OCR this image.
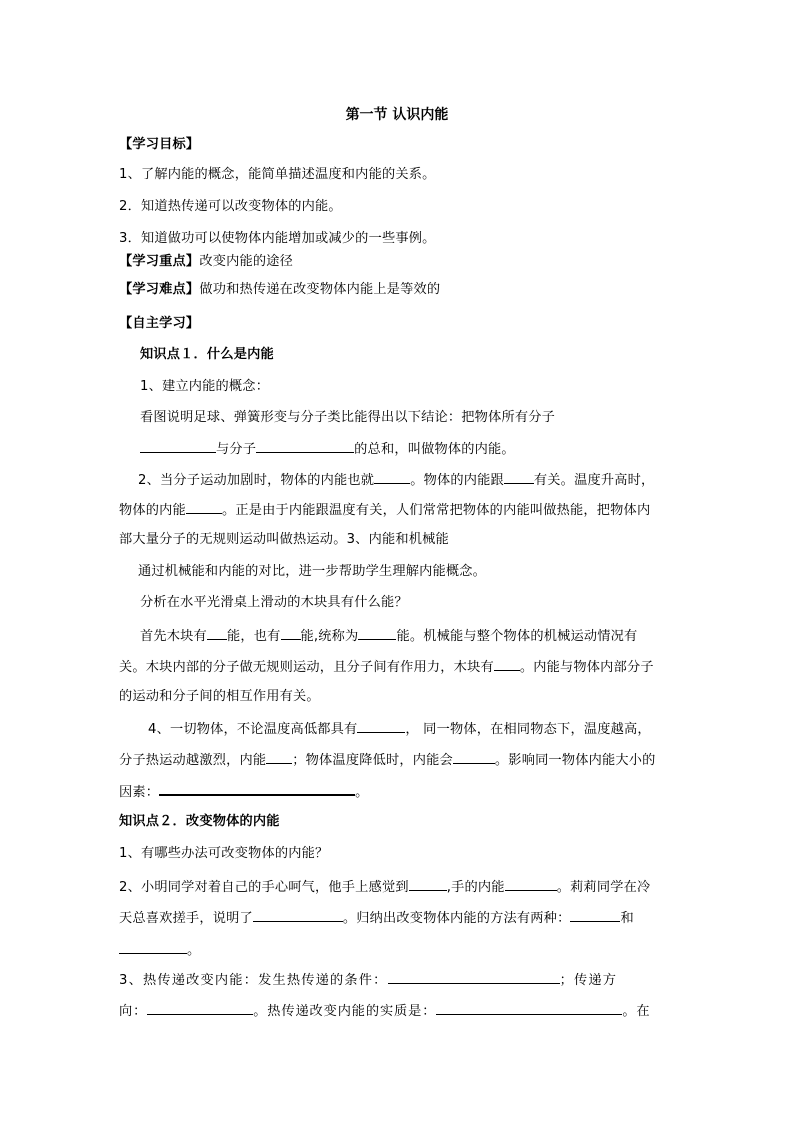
第一节 认识内能
【学习目标】
1、了解内能的概念，能简单描述温度和内能的关系。
2．知道热传递可以改变物体的内能。
3．知道做功可以使物体内能增加或减少的一些事例。
【学习重点】改变内能的途径
【学习难点】做功和热传递在改变物体内能上是等效的
【自主学习】
知识点１．什么是内能
1、建立内能的概念：
看图说明足球、弹簧形变与分子类比能得出以下结论：把物体所有分子
与分子	的总和，叫做物体的内能。
2、当分子运动加剧时，物体的内能也就	。物体的内能跟 有关。温度升高时，
物体的内能	。正是由于内能跟温度有关，人们常常把物体的内能叫做热能，把物体内
部大量分子的无规则运动叫做热运动。3、内能和机械能
通过机械能和内能的对比，进一步帮助学生理解内能概念。
分析在水平光滑桌上滑动的木块具有什么能？
首先木块有 能，也有 能,统称为	能。机械能与整个物体的机械运动情况有
关。木块内部的分子做无规则运动，且分子间有作用力，木块有 。内能与物体内部分子
的运动和分子间的相互作用有关。
4、一切物体，不论温度高低都具有	， 同一物体，在相同物态下，温度越高，
分子热运动越激烈，内能 ；物体温度降低时，内能会	。影响同一物体内能大小的
因素：	。
知识点２．改变物体的内能
1、有哪些办法可改变物体的内能？
2、小明同学对着自己的手心呵气，他手上感觉到	,手的内能	。莉莉同学在冷
天总喜欢搓手，说明了	。归纳出改变物体内能的方法有两种：	和
。
3、热传递改变内能：发生热传递的条件：	；传递方
向：	。热传递改变内能的实质是：	。在
